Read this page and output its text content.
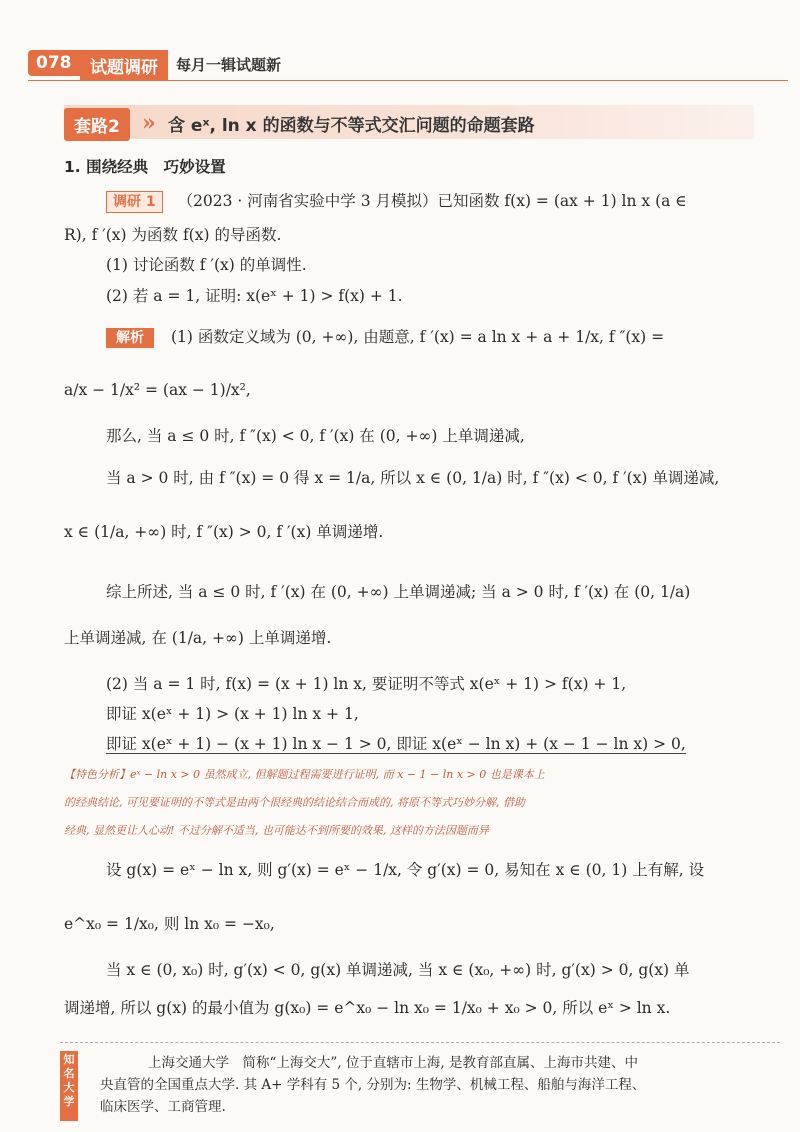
078	试题调研	每月一辑试题新
套路2	» 含 eˣ, ln x 的函数与不等式交汇问题的命题套路
1. 围绕经典　巧妙设置
调研 1 （2023 · 河南省实验中学 3 月模拟）已知函数 f(x) = (ax + 1) ln x (a ∈
R), f ′(x) 为函数 f(x) 的导函数.
(1) 讨论函数 f ′(x) 的单调性.
(2) 若 a = 1, 证明: x(eˣ + 1) > f(x) + 1.
解析 (1) 函数定义域为 (0, +∞), 由题意, f ′(x) = a ln x + a + 1/x, f ″(x) =
a/x − 1/x² = (ax − 1)/x²,
那么, 当 a ≤ 0 时, f ″(x) < 0, f ′(x) 在 (0, +∞) 上单调递减,
当 a > 0 时, 由 f ″(x) = 0 得 x = 1/a, 所以 x ∈ (0, 1/a) 时, f ″(x) < 0, f ′(x) 单调递减,
x ∈ (1/a, +∞) 时, f ″(x) > 0, f ′(x) 单调递增.
综上所述, 当 a ≤ 0 时, f ′(x) 在 (0, +∞) 上单调递减; 当 a > 0 时, f ′(x) 在 (0, 1/a)
上单调递减, 在 (1/a, +∞) 上单调递增.
(2) 当 a = 1 时, f(x) = (x + 1) ln x, 要证明不等式 x(eˣ + 1) > f(x) + 1,
即证 x(eˣ + 1) > (x + 1) ln x + 1,
即证 x(eˣ + 1) − (x + 1) ln x − 1 > 0, 即证 x(eˣ − ln x) + (x − 1 − ln x) > 0,
【特色分析】eˣ − ln x > 0 虽然成立, 但解题过程需要进行证明, 而 x − 1 − ln x > 0 也是课本上
的经典结论, 可见要证明的不等式是由两个很经典的结论结合而成的, 将原不等式巧妙分解, 借助
经典, 显然更让人心动! 不过分解不适当, 也可能达不到所要的效果, 这样的方法因题而异
设 g(x) = eˣ − ln x, 则 g′(x) = eˣ − 1/x, 令 g′(x) = 0, 易知在 x ∈ (0, 1) 上有解, 设
e^x₀ = 1/x₀, 则 ln x₀ = −x₀,
当 x ∈ (0, x₀) 时, g′(x) < 0, g(x) 单调递减, 当 x ∈ (x₀, +∞) 时, g′(x) > 0, g(x) 单
调递增, 所以 g(x) 的最小值为 g(x₀) = e^x₀ − ln x₀ = 1/x₀ + x₀ > 0, 所以 eˣ > ln x.
知名大学
上海交通大学　简称“上海交大”, 位于直辖市上海, 是教育部直属、上海市共建、中
央直管的全国重点大学. 其 A+ 学科有 5 个, 分别为: 生物学、机械工程、船舶与海洋工程、
临床医学、工商管理.
